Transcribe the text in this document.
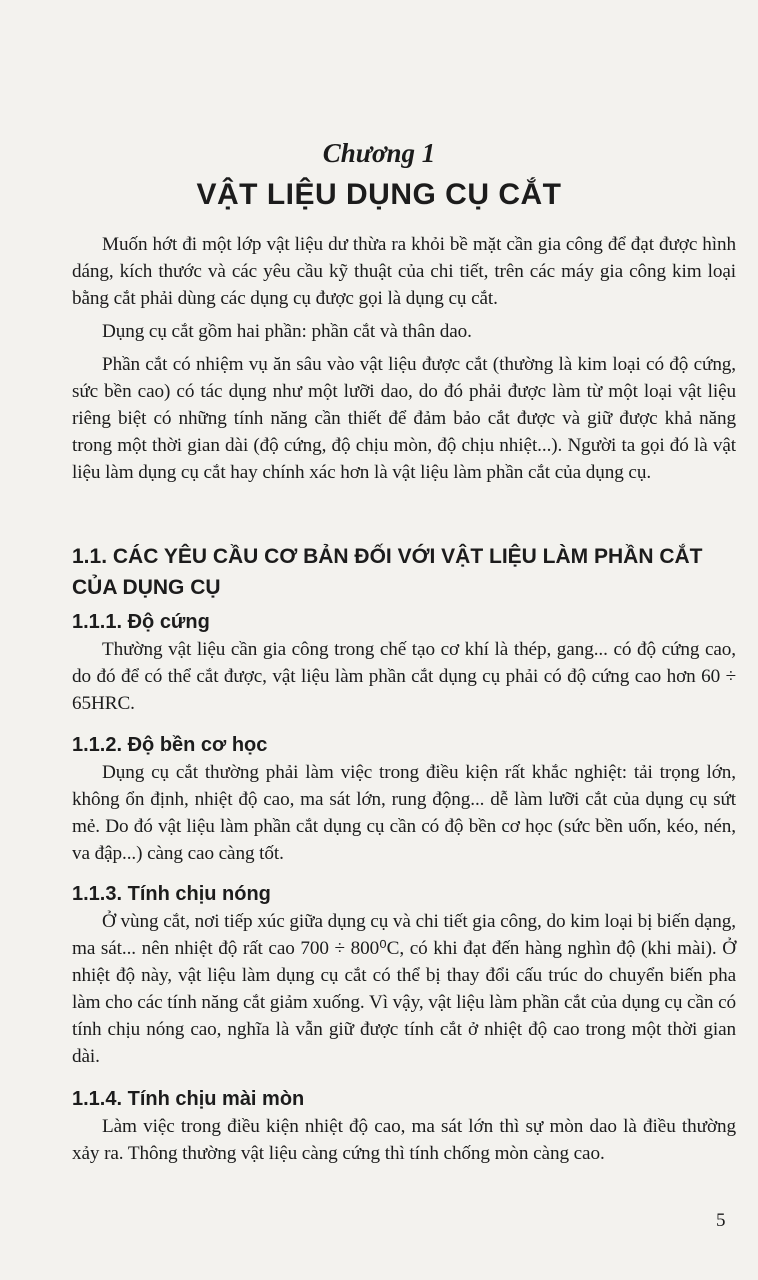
Chương 1
VẬT LIỆU DỤNG CỤ CẮT

Muốn hớt đi một lớp vật liệu dư thừa ra khỏi bề mặt cần gia công để đạt được hình dáng, kích thước và các yêu cầu kỹ thuật của chi tiết, trên các máy gia công kim loại bằng cắt phải dùng các dụng cụ được gọi là dụng cụ cắt.

Dụng cụ cắt gồm hai phần: phần cắt và thân dao.

Phần cắt có nhiệm vụ ăn sâu vào vật liệu được cắt (thường là kim loại có độ cứng, sức bền cao) có tác dụng như một lưỡi dao, do đó phải được làm từ một loại vật liệu riêng biệt có những tính năng cần thiết để đảm bảo cắt được và giữ được khả năng trong một thời gian dài (độ cứng, độ chịu mòn, độ chịu nhiệt...). Người ta gọi đó là vật liệu làm dụng cụ cắt hay chính xác hơn là vật liệu làm phần cắt của dụng cụ.

1.1. CÁC YÊU CẦU CƠ BẢN ĐỐI VỚI VẬT LIỆU LÀM PHẦN CẮT CỦA DỤNG CỤ

1.1.1. Độ cứng

Thường vật liệu cần gia công trong chế tạo cơ khí là thép, gang... có độ cứng cao, do đó để có thể cắt được, vật liệu làm phần cắt dụng cụ phải có độ cứng cao hơn 60 ÷ 65HRC.

1.1.2. Độ bền cơ học

Dụng cụ cắt thường phải làm việc trong điều kiện rất khắc nghiệt: tải trọng lớn, không ổn định, nhiệt độ cao, ma sát lớn, rung động... dễ làm lưỡi cắt của dụng cụ sứt mẻ. Do đó vật liệu làm phần cắt dụng cụ cần có độ bền cơ học (sức bền uốn, kéo, nén, va đập...) càng cao càng tốt.

1.1.3. Tính chịu nóng

Ở vùng cắt, nơi tiếp xúc giữa dụng cụ và chi tiết gia công, do kim loại bị biến dạng, ma sát... nên nhiệt độ rất cao 700 ÷ 800⁰C, có khi đạt đến hàng nghìn độ (khi mài). Ở nhiệt độ này, vật liệu làm dụng cụ cắt có thể bị thay đổi cấu trúc do chuyển biến pha làm cho các tính năng cắt giảm xuống. Vì vậy, vật liệu làm phần cắt của dụng cụ cần có tính chịu nóng cao, nghĩa là vẫn giữ được tính cắt ở nhiệt độ cao trong một thời gian dài.

1.1.4. Tính chịu mài mòn

Làm việc trong điều kiện nhiệt độ cao, ma sát lớn thì sự mòn dao là điều thường xảy ra. Thông thường vật liệu càng cứng thì tính chống mòn càng cao.

5
